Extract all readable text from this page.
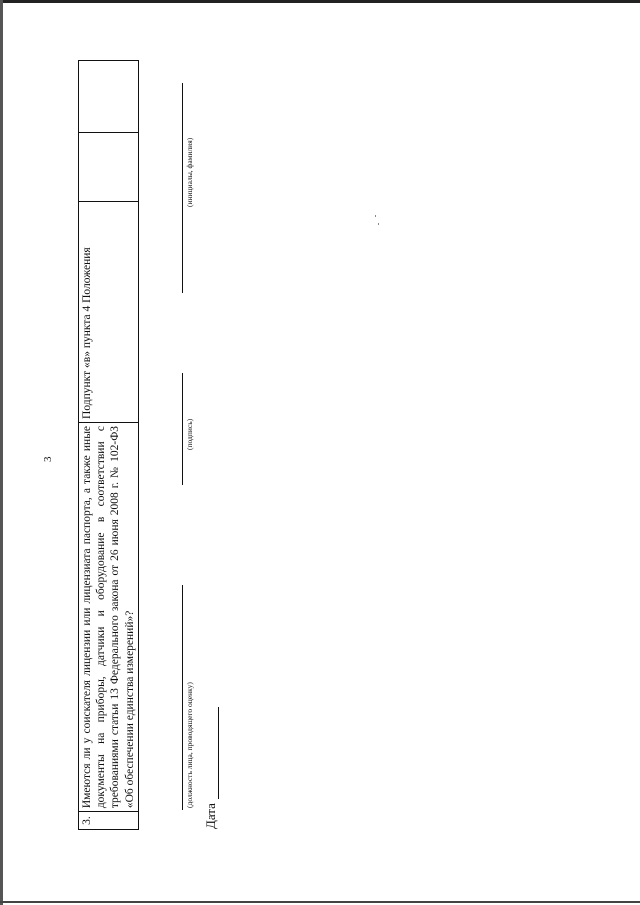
3
3.	Имеются ли у соискателя лицензии или лицензиата паспорта, а также иные документы на приборы, датчики и оборудование в соответствии с требованиями статьи 13 Федерального закона от 26 июня 2008 г. № 102-ФЗ «Об обеспечении единства измерений»?	Подпункт «в» пункта 4 Положения		
(должность лица, проводящего оценку)
(подпись)
(инициалы, фамилия)
Дата
